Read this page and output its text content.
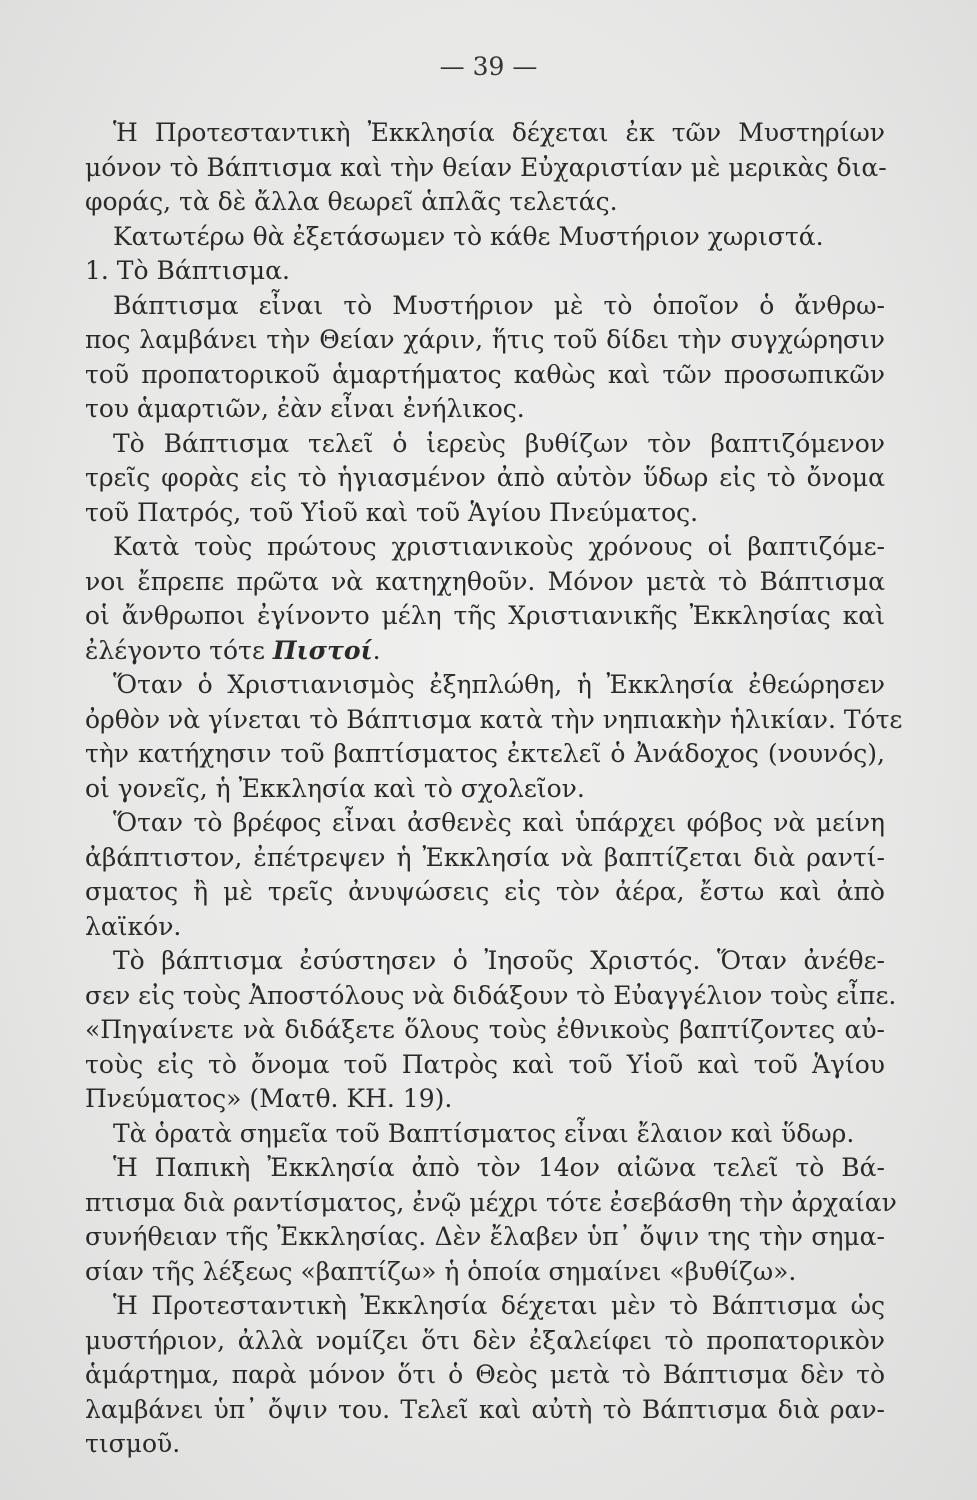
— 39 —
Ἡ Προτεσταντικὴ Ἐκκλησία δέχεται ἐκ τῶν Μυστηρίων
μόνον τὸ Βάπτισμα καὶ τὴν θείαν Εὐχαριστίαν μὲ μερικὰς δια-
φοράς, τὰ δὲ ἄλλα θεωρεῖ ἁπλᾶς τελετάς.
Κατωτέρω θὰ ἐξετάσωμεν τὸ κάθε Μυστήριον χωριστά.
1. Τὸ Βάπτισμα.
Βάπτισμα εἶναι τὸ Μυστήριον μὲ τὸ ὁποῖον ὁ ἄνθρω-
πος λαμβάνει τὴν Θείαν χάριν, ἥτις τοῦ δίδει τὴν συγχώρησιν
τοῦ προπατορικοῦ ἁμαρτήματος καθὼς καὶ τῶν προσωπικῶν
του ἁμαρτιῶν, ἐὰν εἶναι ἐνήλικος.
Τὸ Βάπτισμα τελεῖ ὁ ἱερεὺς βυθίζων τὸν βαπτιζόμενον
τρεῖς φορὰς εἰς τὸ ἡγιασμένον ἀπὸ αὐτὸν ὕδωρ εἰς τὸ ὄνομα
τοῦ Πατρός, τοῦ Υἱοῦ καὶ τοῦ Ἁγίου Πνεύματος.
Κατὰ τοὺς πρώτους χριστιανικοὺς χρόνους οἱ βαπτιζόμε-
νοι ἔπρεπε πρῶτα νὰ κατηχηθοῦν. Μόνον μετὰ τὸ Βάπτισμα
οἱ ἄνθρωποι ἐγίνοντο μέλη τῆς Χριστιανικῆς Ἐκκλησίας καὶ
ἐλέγοντο τότε Πιστοί.
Ὅταν ὁ Χριστιανισμὸς ἐξηπλώθη, ἡ Ἐκκλησία ἐθεώρησεν
ὀρθὸν νὰ γίνεται τὸ Βάπτισμα κατὰ τὴν νηπιακὴν ἡλικίαν. Τότε
τὴν κατήχησιν τοῦ βαπτίσματος ἐκτελεῖ ὁ Ἀνάδοχος (νουνός),
οἱ γονεῖς, ἡ Ἐκκλησία καὶ τὸ σχολεῖον.
Ὅταν τὸ βρέφος εἶναι ἀσθενὲς καὶ ὑπάρχει φόβος νὰ μείνη
ἀβάπτιστον, ἐπέτρεψεν ἡ Ἐκκλησία νὰ βαπτίζεται διὰ ραντί-
σματος ἢ μὲ τρεῖς ἀνυψώσεις εἰς τὸν ἀέρα, ἔστω καὶ ἀπὸ
λαϊκόν.
Τὸ βάπτισμα ἐσύστησεν ὁ Ἰησοῦς Χριστός. Ὅταν ἀνέθε-
σεν εἰς τοὺς Ἀποστόλους νὰ διδάξουν τὸ Εὐαγγέλιον τοὺς εἶπε.
«Πηγαίνετε νὰ διδάξετε ὅλους τοὺς ἐθνικοὺς βαπτίζοντες αὐ-
τοὺς εἰς τὸ ὄνομα τοῦ Πατρὸς καὶ τοῦ Υἱοῦ καὶ τοῦ Ἁγίου
Πνεύματος» (Ματθ. ΚΗ. 19).
Τὰ ὁρατὰ σημεῖα τοῦ Βαπτίσματος εἶναι ἔλαιον καὶ ὕδωρ.
Ἡ Παπικὴ Ἐκκλησία ἀπὸ τὸν 14ον αἰῶνα τελεῖ τὸ Βά-
πτισμα διὰ ραντίσματος, ἐνῷ μέχρι τότε ἐσεβάσθη τὴν ἀρχαίαν
συνήθειαν τῆς Ἐκκλησίας. Δὲν ἔλαβεν ὑπ᾿ ὄψιν της τὴν σημα-
σίαν τῆς λέξεως «βαπτίζω» ἡ ὁποία σημαίνει «βυθίζω».
Ἡ Προτεσταντικὴ Ἐκκλησία δέχεται μὲν τὸ Βάπτισμα ὡς
μυστήριον, ἀλλὰ νομίζει ὅτι δὲν ἐξαλείφει τὸ προπατορικὸν
ἁμάρτημα, παρὰ μόνον ὅτι ὁ Θεὸς μετὰ τὸ Βάπτισμα δὲν τὸ
λαμβάνει ὑπ᾿ ὄψιν του. Τελεῖ καὶ αὐτὴ τὸ Βάπτισμα διὰ ραν-
τισμοῦ.
